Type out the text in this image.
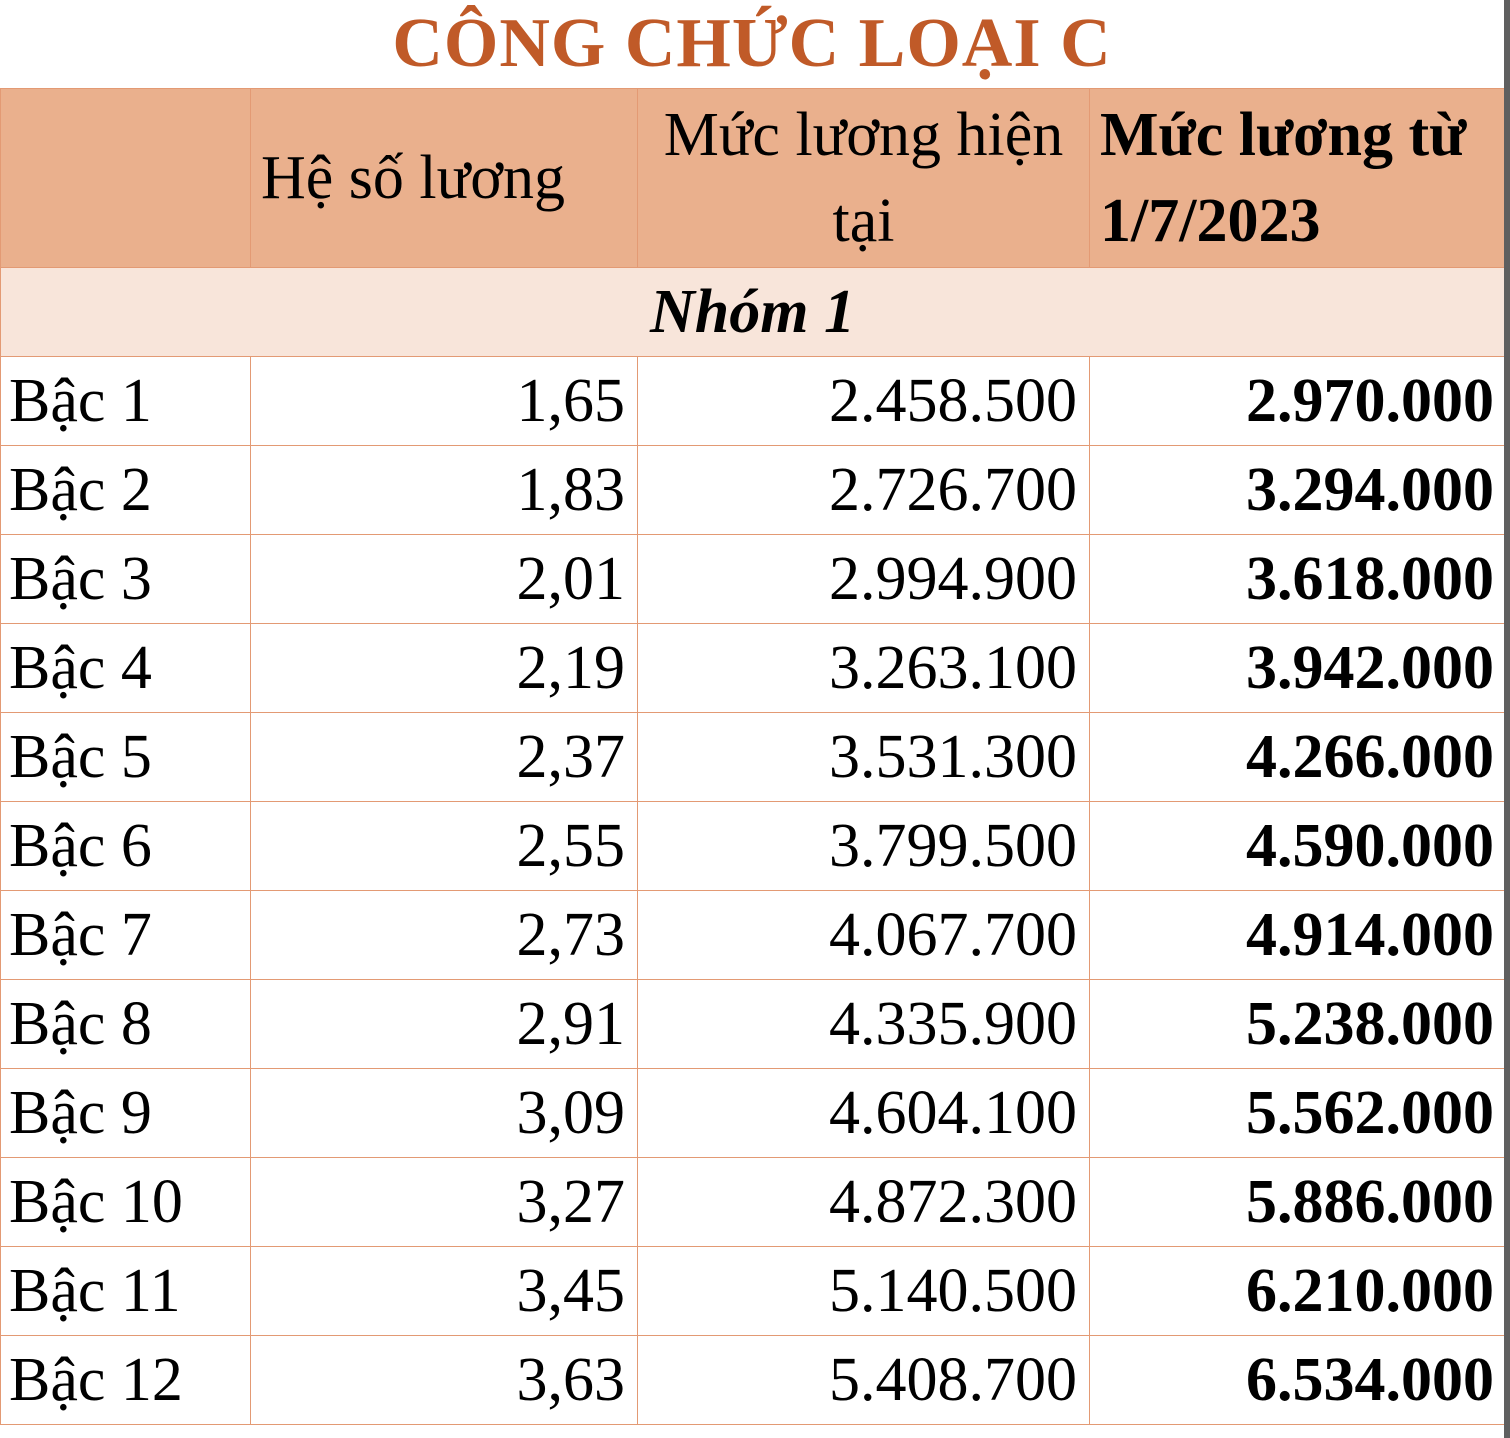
CÔNG CHỨC LOẠI C
	Hệ số lương	Mức lương hiện tại	Mức lương từ 1/7/2023
Nhóm 1			
Bậc 1	1,65	2.458.500	2.970.000
Bậc 2	1,83	2.726.700	3.294.000
Bậc 3	2,01	2.994.900	3.618.000
Bậc 4	2,19	3.263.100	3.942.000
Bậc 5	2,37	3.531.300	4.266.000
Bậc 6	2,55	3.799.500	4.590.000
Bậc 7	2,73	4.067.700	4.914.000
Bậc 8	2,91	4.335.900	5.238.000
Bậc 9	3,09	4.604.100	5.562.000
Bậc 10	3,27	4.872.300	5.886.000
Bậc 11	3,45	5.140.500	6.210.000
Bậc 12	3,63	5.408.700	6.534.000
